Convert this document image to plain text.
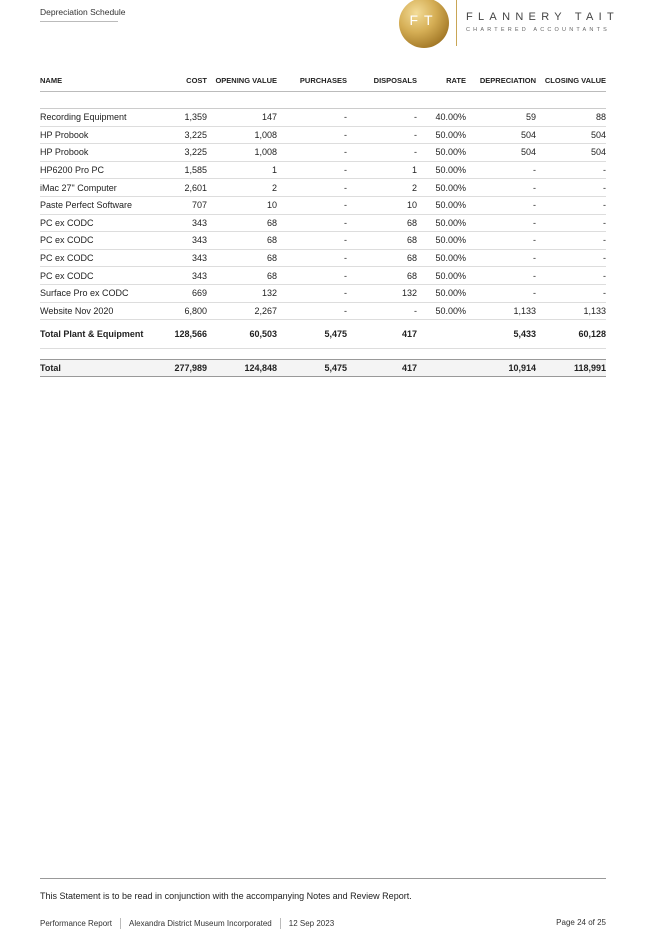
Depreciation Schedule	FT	FLANNERY TAIT
CHARTERED ACCOUNTANTS
NAME	COST	OPENING VALUE	PURCHASES	DISPOSALS	RATE	DEPRECIATION	CLOSING VALUE

Recording Equipment	1,359	147	-	-	40.00%	59	88
HP Probook	3,225	1,008	-	-	50.00%	504	504
HP Probook	3,225	1,008	-	-	50.00%	504	504
HP6200 Pro PC	1,585	1	-	1	50.00%	-	-
iMac 27" Computer	2,601	2	-	2	50.00%	-	-
Paste Perfect Software	707	10	-	10	50.00%	-	-
PC ex CODC	343	68	-	68	50.00%	-	-
PC ex CODC	343	68	-	68	50.00%	-	-
PC ex CODC	343	68	-	68	50.00%	-	-
PC ex CODC	343	68	-	68	50.00%	-	-
Surface Pro ex CODC	669	132	-	132	50.00%	-	-
Website Nov 2020	6,800	2,267	-	-	50.00%	1,133	1,133
Total Plant & Equipment	128,566	60,503	5,475	417		5,433	60,128

Total	277,989	124,848	5,475	417		10,914	118,991
This Statement is to be read in conjunction with the accompanying Notes and Review Report.
Performance Report Alexandra District Museum Incorporated 12 Sep 2023	Page 24 of 25
